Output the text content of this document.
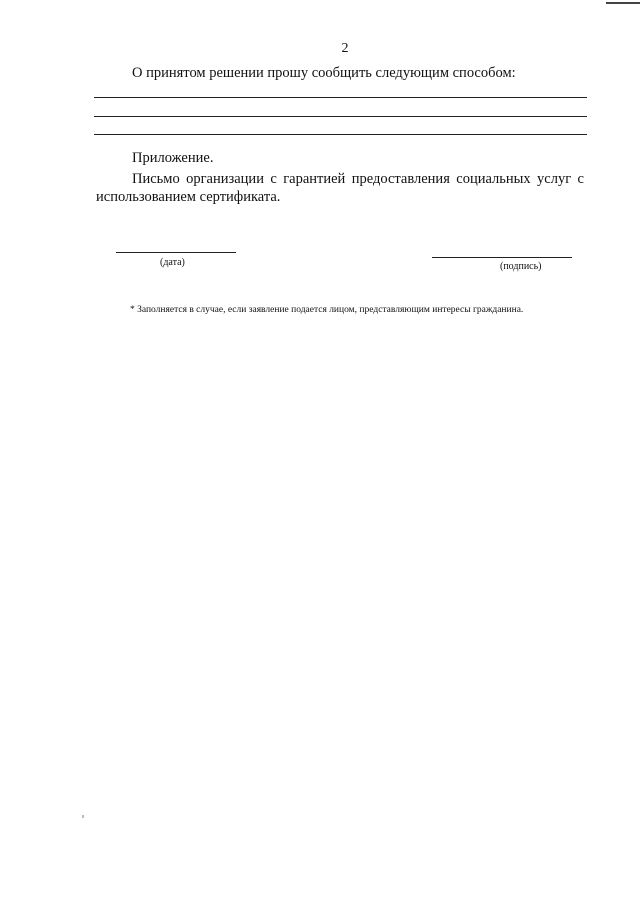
2
О принятом решении прошу сообщить следующим способом:
Приложение.
Письмо организации с гарантией предоставления социальных услуг с использованием сертификата.
(дата)	(подпись)
* Заполняется в случае, если заявление подается лицом, представляющим интересы гражданина.
